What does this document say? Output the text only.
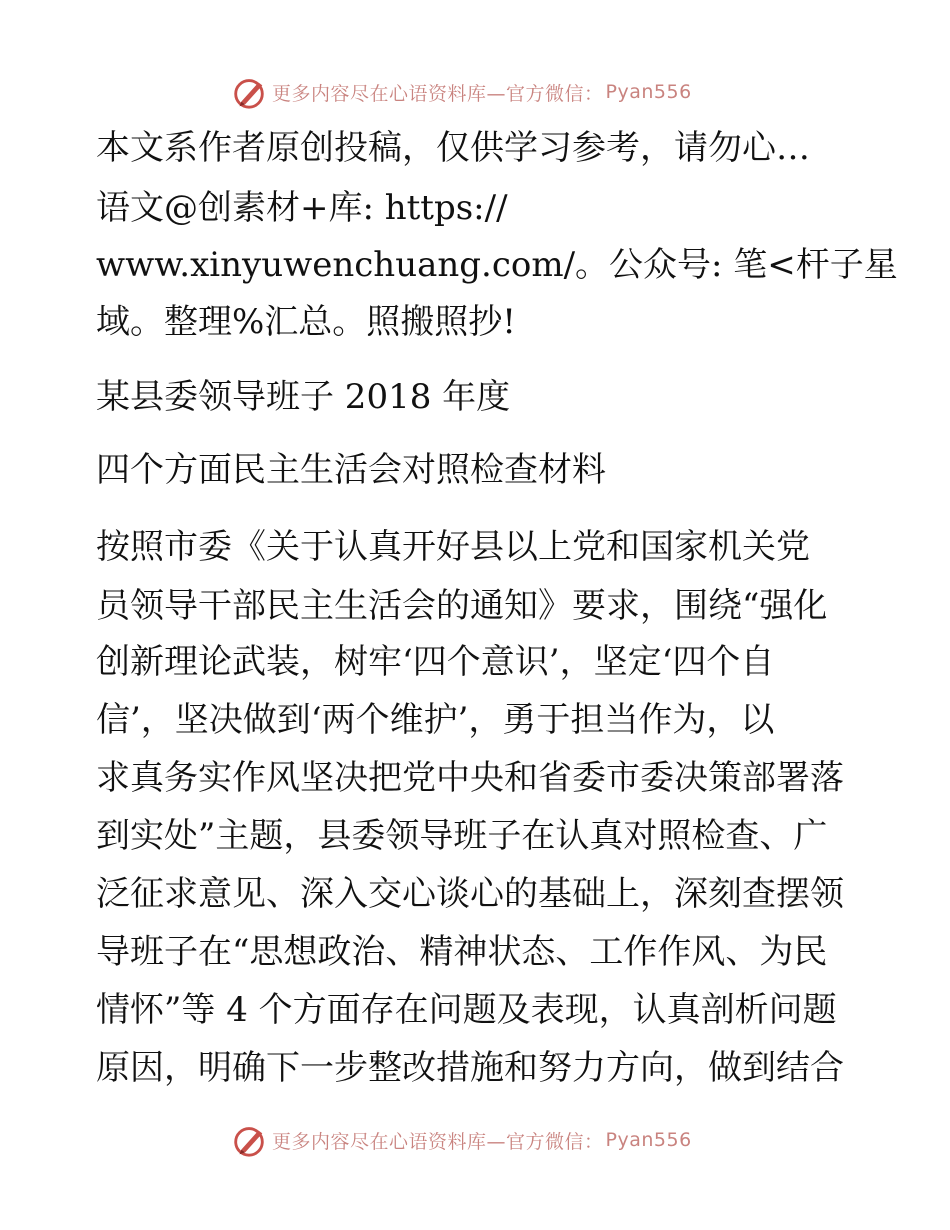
更多内容尽在心语资料库—官方微信： Pyan556
本文系作者原创投稿，仅供学习参考，请勿心…
语文@创素材+库: https://
www.xinyuwenchuang.com/。公众号: 笔<杆子星
域。整理%汇总。照搬照抄!
某县委领导班子 2018 年度
四个方面民主生活会对照检查材料
按照市委《关于认真开好县以上党和国家机关党
员领导干部民主生活会的通知》要求，围绕“强化
创新理论武装，树牢‘四个意识’，坚定‘四个自
信’，坚决做到‘两个维护’，勇于担当作为，以
求真务实作风坚决把党中央和省委市委决策部署落
到实处”主题，县委领导班子在认真对照检查、广
泛征求意见、深入交心谈心的基础上，深刻查摆领
导班子在“思想政治、精神状态、工作作风、为民
情怀”等 4 个方面存在问题及表现，认真剖析问题
原因，明确下一步整改措施和努力方向，做到结合
更多内容尽在心语资料库—官方微信： Pyan556
